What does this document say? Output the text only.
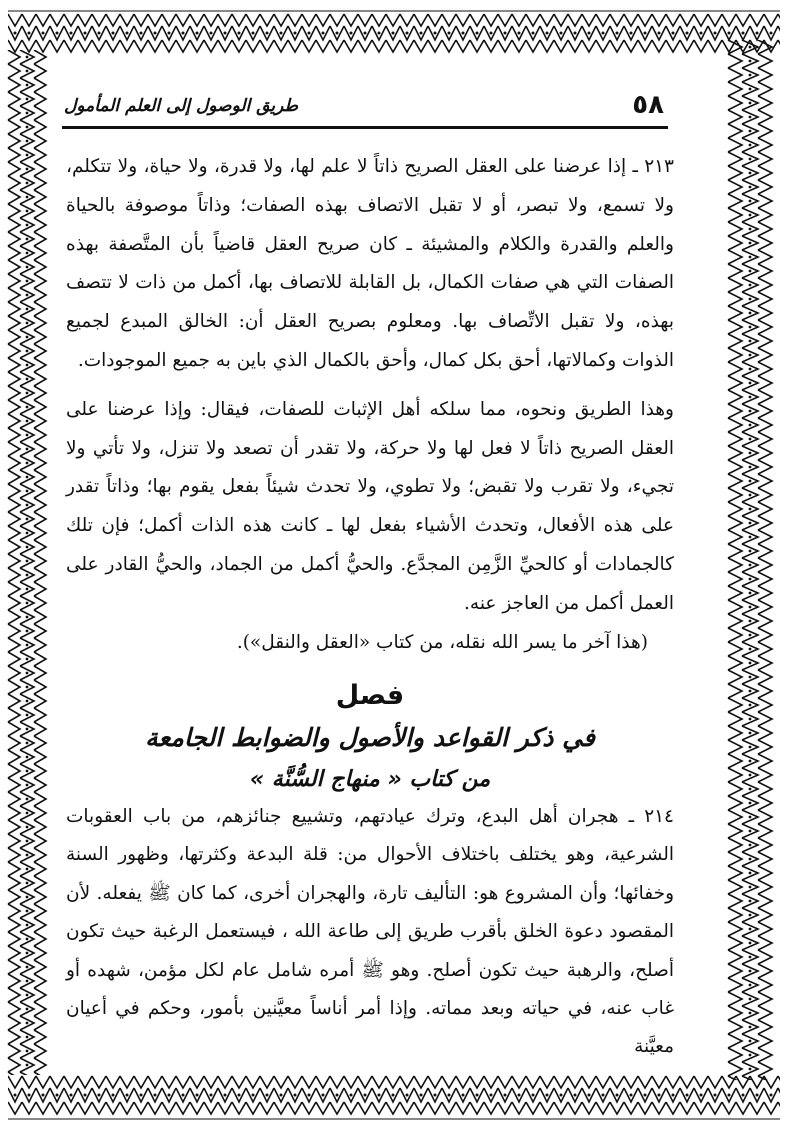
٥٨
طريق الوصول إلى العلم المأمول

٢١٣ ـ إذا عرضنا على العقل الصريح ذاتاً لا علم لها، ولا قدرة، ولا حياة، ولا تتكلم، ولا تسمع، ولا تبصر، أو لا تقبل الاتصاف بهذه الصفات؛ وذاتاً موصوفة بالحياة والعلم والقدرة والكلام والمشيئة ـ كان صريح العقل قاضياً بأن المتَّصفة بهذه الصفات التي هي صفات الكمال، بل القابلة للاتصاف بها، أكمل من ذات لا تتصف بهذه، ولا تقبل الاتِّصاف بها. ومعلوم بصريح العقل أن: الخالق المبدع لجميع الذوات وكمالاتها، أحق بكل كمال، وأحق بالكمال الذي باين به جميع الموجودات.

وهذا الطريق ونحوه، مما سلكه أهل الإثبات للصفات، فيقال: وإذا عرضنا على العقل الصريح ذاتاً لا فعل لها ولا حركة، ولا تقدر أن تصعد ولا تنزل، ولا تأتي ولا تجيء، ولا تقرب ولا تقبض؛ ولا تطوي، ولا تحدث شيئاً بفعل يقوم بها؛ وذاتاً تقدر على هذه الأفعال، وتحدث الأشياء بفعل لها ـ كانت هذه الذات أكمل؛ فإن تلك كالجمادات أو كالحيِّ الزَّمِن المجدَّع. والحيُّ أكمل من الجماد، والحيُّ القادر على العمل أكمل من العاجز عنه.

(هذا آخر ما يسر الله نقله، من كتاب «العقل والنقل»).

فصل
في ذكر القواعد والأصول والضوابط الجامعة
من كتاب « منهاج السُّنَّة »

٢١٤ ـ هجران أهل البدع، وترك عيادتهم، وتشييع جنائزهم، من باب العقوبات الشرعية، وهو يختلف باختلاف الأحوال من: قلة البدعة وكثرتها، وظهور السنة وخفائها؛ وأن المشروع هو: التأليف تارة، والهجران أخرى، كما كان ﷺ يفعله. لأن المقصود دعوة الخلق بأقرب طريق إلى طاعة الله ، فيستعمل الرغبة حيث تكون أصلح، والرهبة حيث تكون أصلح. وهو ﷺ أمره شامل عام لكل مؤمن، شهده أو غاب عنه، في حياته وبعد مماته. وإذا أمر أناساً معيَّنين بأمور، وحكم في أعيان معيَّنة
